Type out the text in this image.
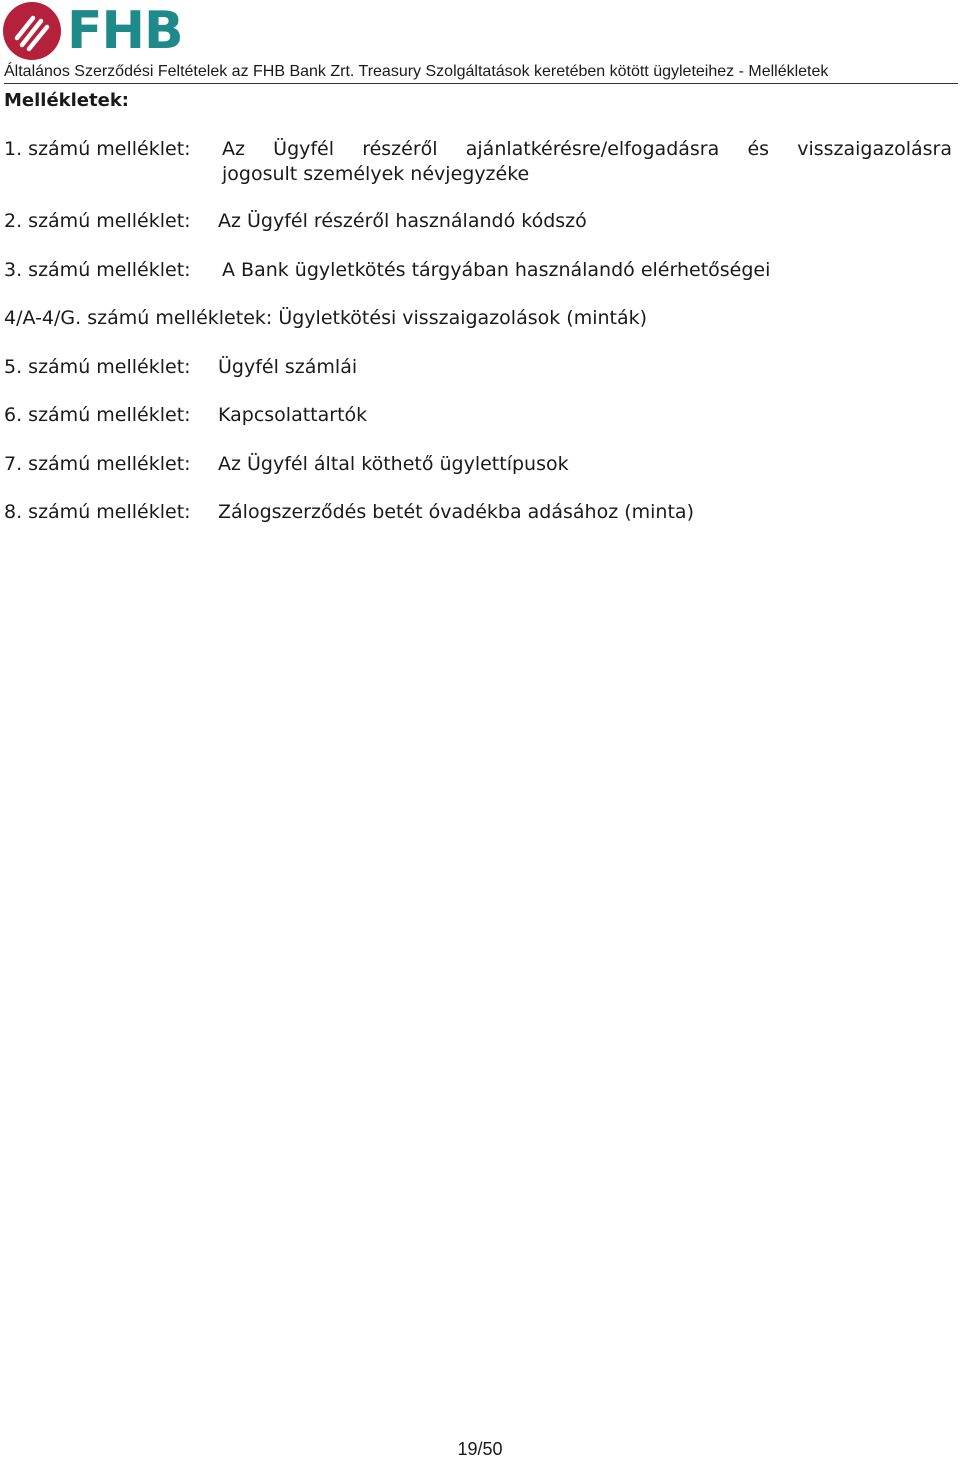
FHB
Általános Szerződési Feltételek az FHB Bank Zrt. Treasury Szolgáltatások keretében kötött ügyleteihez - Mellékletek
Mellékletek:
1. számú melléklet: Az Ügyfél részéről ajánlatkérésre/elfogadásra és visszaigazolásra
jogosult személyek névjegyzéke
2. számú melléklet: Az Ügyfél részéről használandó kódszó
3. számú melléklet: A Bank ügyletkötés tárgyában használandó elérhetőségei
4/A-4/G. számú mellékletek: Ügyletkötési visszaigazolások (minták)
5. számú melléklet: Ügyfél számlái
6. számú melléklet: Kapcsolattartók
7. számú melléklet: Az Ügyfél által köthető ügylettípusok
8. számú melléklet: Zálogszerződés betét óvadékba adásához (minta)
19/50
